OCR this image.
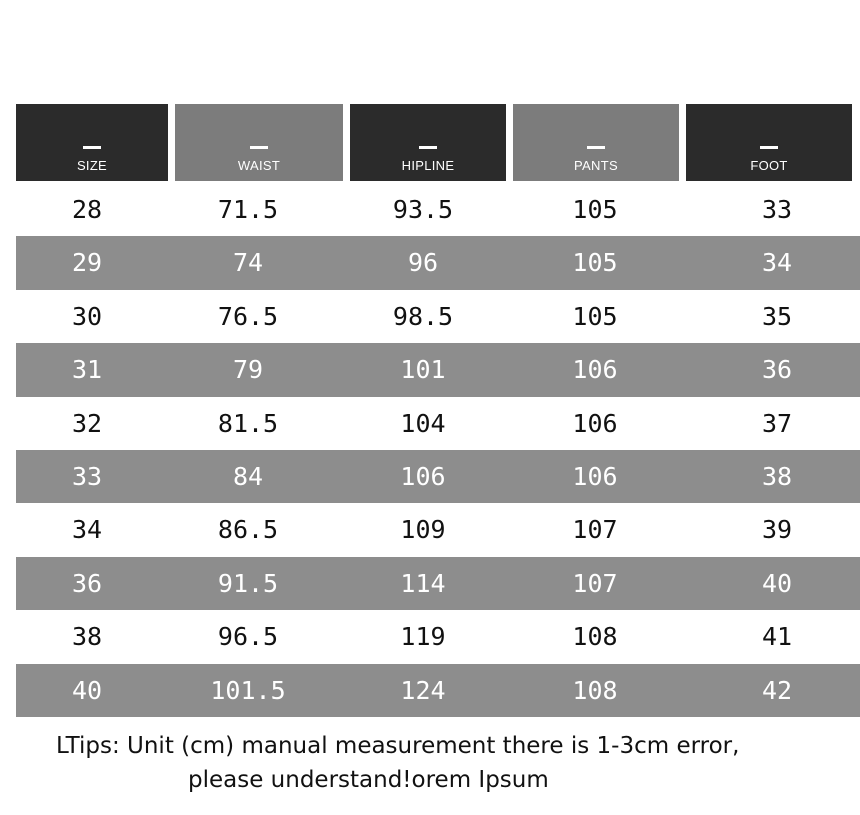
SIZE	WAIST	HIPLINE	PANTS	FOOT
28	71.5	93.5	105	33
29	74	96	105	34
30	76.5	98.5	105	35
31	79	101	106	36
32	81.5	104	106	37
33	84	106	106	38
34	86.5	109	107	39
36	91.5	114	107	40
38	96.5	119	108	41
40	101.5	124	108	42
LTips: Unit (cm) manual measurement there is 1-3cm error,
please understand!orem Ipsum
